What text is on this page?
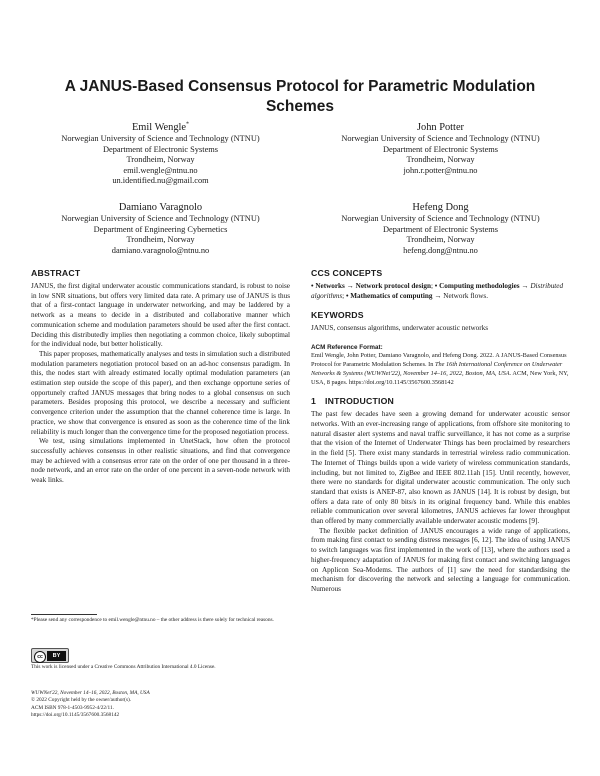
A JANUS-Based Consensus Protocol for Parametric Modulation Schemes
Emil Wengle*
Norwegian University of Science and Technology (NTNU)
Department of Electronic Systems
Trondheim, Norway
emil.wengle@ntnu.no
un.identified.nu@gmail.com
John Potter
Norwegian University of Science and Technology (NTNU)
Department of Electronic Systems
Trondheim, Norway
john.r.potter@ntnu.no
Damiano Varagnolo
Norwegian University of Science and Technology (NTNU)
Department of Engineering Cybernetics
Trondheim, Norway
damiano.varagnolo@ntnu.no
Hefeng Dong
Norwegian University of Science and Technology (NTNU)
Department of Electronic Systems
Trondheim, Norway
hefeng.dong@ntnu.no
ABSTRACT

JANUS, the first digital underwater acoustic communications standard, is robust to noise in low SNR situations, but offers very limited data rate. A primary use of JANUS is thus that of a first-contact language in underwater networking, and may be laddered by a network as a means to decide in a distributed and collaborative manner which communication scheme and modulation parameters should be used after the first contact. Deciding this distributedly implies then negotiating a common choice, likely suboptimal for the individual node, but better holistically.

This paper proposes, mathematically analyses and tests in simulation such a distributed modulation parameters negotiation protocol based on an ad-hoc consensus paradigm. In this, the nodes start with already estimated locally optimal modulation parameters (an estimation step outside the scope of this paper), and then exchange opportune series of opportunely crafted JANUS messages that bring nodes to a global consensus on such parameters. Besides proposing this protocol, we describe a necessary and sufficient convergence criterion under the assumption that the channel coherence time is large. In practice, we show that convergence is ensured as soon as the coherence time of the link reliability is much longer than the convergence time for the proposed negotiation process.

We test, using simulations implemented in UnetStack, how often the protocol successfully achieves consensus in other realistic situations, and find that convergence may be achieved with a consensus error rate on the order of one per thousand in a three-node network, and an error rate on the order of one percent in a seven-node network with weak links.

*Please send any correspondence to emil.wengle@ntnu.no – the other address is there solely for technical reasons.
cc	BY
This work is licensed under a Creative Commons Attribution International 4.0 License.
WUWNet'22, November 14–16, 2022, Boston, MA, USA
© 2022 Copyright held by the owner/author(s).
ACM ISBN 978-1-4503-9952-4/22/11.
https://doi.org/10.1145/3567600.3568142
CCS CONCEPTS

• Networks → Network protocol design; • Computing methodologies → Distributed algorithms; • Mathematics of computing → Network flows.

KEYWORDS

JANUS, consensus algorithms, underwater acoustic networks

ACM Reference Format:

Emil Wengle, John Potter, Damiano Varagnolo, and Hefeng Dong. 2022. A JANUS-Based Consensus Protocol for Parametric Modulation Schemes. In The 16th International Conference on Underwater Networks & Systems (WUWNet'22), November 14–16, 2022, Boston, MA, USA. ACM, New York, NY, USA, 8 pages. https://doi.org/10.1145/3567600.3568142

1 INTRODUCTION

The past few decades have seen a growing demand for underwater acoustic sensor networks. With an ever-increasing range of applications, from offshore site monitoring to natural disaster alert systems and naval traffic surveillance, it has not come as a surprise that the vision of the Internet of Underwater Things has been proclaimed by researchers in the field [5]. There exist many standards in terrestrial wireless radio communication. The Internet of Things builds upon a wide variety of wireless communication standards, including, but not limited to, ZigBee and IEEE 802.11ah [15]. Until recently, however, there were no standards for digital underwater acoustic communication. The only such standard that exists is ANEP-87, also known as JANUS [14]. It is robust by design, but offers a data rate of only 80 bits/s in its original frequency band. While this enables reliable communication over several kilometres, JANUS achieves far lower throughput than offered by many commercially available underwater acoustic modems [9].

The flexible packet definition of JANUS encourages a wide range of applications, from making first contact to sending distress messages [6, 12]. The idea of using JANUS to switch languages was first implemented in the work of [13], where the authors used a higher-frequency adaptation of JANUS for making first contact and switching languages on Applicon Sea-Modems. The authors of [1] saw the need for standardising the mechanism for discovering the network and selecting a language for communication. Numerous
